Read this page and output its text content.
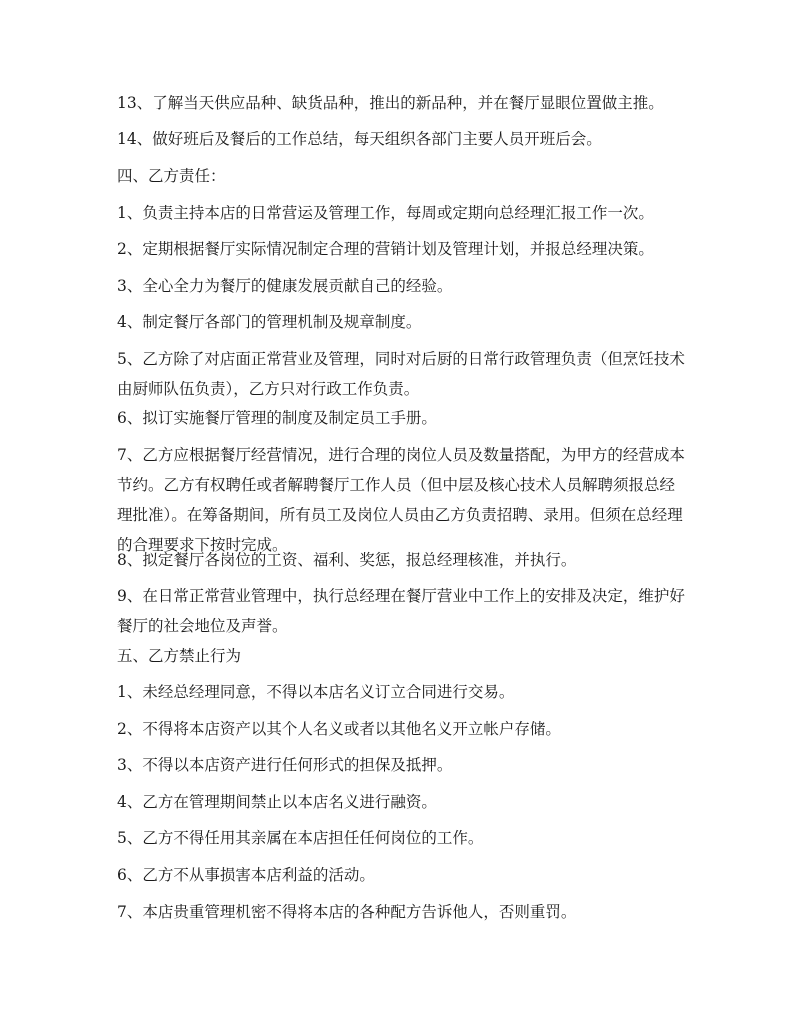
13、了解当天供应品种、缺货品种，推出的新品种，并在餐厅显眼位置做主推。

14、做好班后及餐后的工作总结，每天组织各部门主要人员开班后会。

四、乙方责任：

1、负责主持本店的日常营运及管理工作，每周或定期向总经理汇报工作一次。

2、定期根据餐厅实际情况制定合理的营销计划及管理计划，并报总经理决策。

3、全心全力为餐厅的健康发展贡献自己的经验。

4、制定餐厅各部门的管理机制及规章制度。

5、乙方除了对店面正常营业及管理，同时对后厨的日常行政管理负责（但烹饪技术由厨师队伍负责），乙方只对行政工作负责。

6、拟订实施餐厅管理的制度及制定员工手册。

7、乙方应根据餐厅经营情况，进行合理的岗位人员及数量搭配，为甲方的经营成本节约。乙方有权聘任或者解聘餐厅工作人员（但中层及核心技术人员解聘须报总经理批准）。在筹备期间，所有员工及岗位人员由乙方负责招聘、录用。但须在总经理的合理要求下按时完成。

8、拟定餐厅各岗位的工资、福利、奖惩，报总经理核准，并执行。

9、在日常正常营业管理中，执行总经理在餐厅营业中工作上的安排及决定，维护好餐厅的社会地位及声誉。

五、乙方禁止行为

1、未经总经理同意，不得以本店名义订立合同进行交易。

2、不得将本店资产以其个人名义或者以其他名义开立帐户存储。

3、不得以本店资产进行任何形式的担保及抵押。

4、乙方在管理期间禁止以本店名义进行融资。

5、乙方不得任用其亲属在本店担任任何岗位的工作。

6、乙方不从事损害本店利益的活动。

7、本店贵重管理机密不得将本店的各种配方告诉他人，否则重罚。
